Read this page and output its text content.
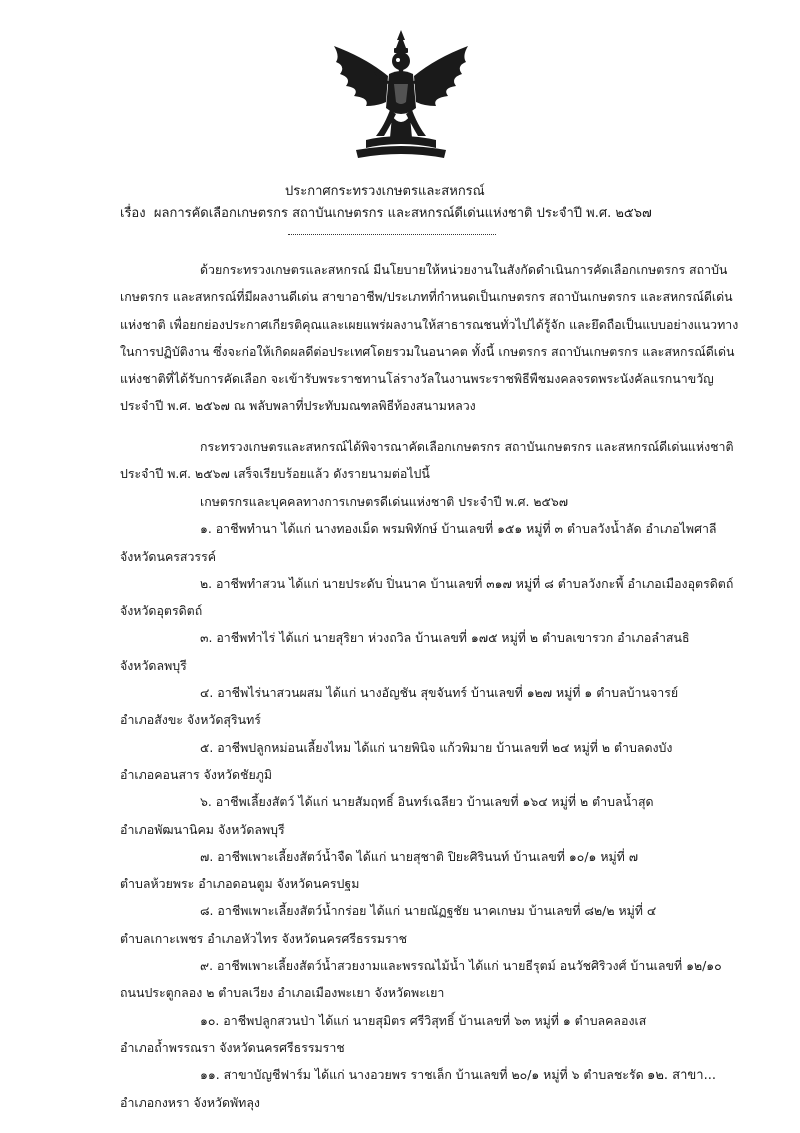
ประกาศกระทรวงเกษตรและสหกรณ์
เรื่อง ผลการคัดเลือกเกษตรกร สถาบันเกษตรกร และสหกรณ์ดีเด่นแห่งชาติ ประจำปี พ.ศ. ๒๕๖๗

ด้วยกระทรวงเกษตรและสหกรณ์ มีนโยบายให้หน่วยงานในสังกัดดำเนินการคัดเลือกเกษตรกร สถาบันเกษตรกร และสหกรณ์ที่มีผลงานดีเด่น สาขาอาชีพ/ประเภทที่กำหนดเป็นเกษตรกร สถาบันเกษตรกร และสหกรณ์ดีเด่นแห่งชาติ เพื่อยกย่องประกาศเกียรติคุณและเผยแพร่ผลงานให้สาธารณชนทั่วไปได้รู้จัก และยึดถือเป็นแบบอย่างแนวทางในการปฏิบัติงาน ซึ่งจะก่อให้เกิดผลดีต่อประเทศโดยรวมในอนาคต ทั้งนี้ เกษตรกร สถาบันเกษตรกร และสหกรณ์ดีเด่นแห่งชาติที่ได้รับการคัดเลือก จะเข้ารับพระราชทานโล่รางวัลในงานพระราชพิธีพืชมงคลจรดพระนังคัลแรกนาขวัญ ประจำปี พ.ศ. ๒๕๖๗ ณ พลับพลาที่ประทับมณฑลพิธีท้องสนามหลวง

กระทรวงเกษตรและสหกรณ์ได้พิจารณาคัดเลือกเกษตรกร สถาบันเกษตรกร และสหกรณ์ดีเด่นแห่งชาติ ประจำปี พ.ศ. ๒๕๖๗ เสร็จเรียบร้อยแล้ว ดังรายนามต่อไปนี้

เกษตรกรและบุคคลทางการเกษตรดีเด่นแห่งชาติ ประจำปี พ.ศ. ๒๕๖๗
๑. อาชีพทำนา ได้แก่ นางทองเม็ด พรมพิทักษ์ บ้านเลขที่ ๑๕๑ หมู่ที่ ๓ ตำบลวังน้ำลัด อำเภอไพศาลี
จังหวัดนครสวรรค์
๒. อาชีพทำสวน ได้แก่ นายประดับ ปิ่นนาค บ้านเลขที่ ๓๑๗ หมู่ที่ ๘ ตำบลวังกะพี้ อำเภอเมืองอุตรดิตถ์
จังหวัดอุตรดิตถ์
๓. อาชีพทำไร่ ได้แก่ นายสุริยา ห่วงถวิล บ้านเลขที่ ๑๗๕ หมู่ที่ ๒ ตำบลเขารวก อำเภอลำสนธิ
จังหวัดลพบุรี
๔. อาชีพไร่นาสวนผสม ได้แก่ นางอัญชัน สุขจันทร์ บ้านเลขที่ ๑๒๗ หมู่ที่ ๑ ตำบลบ้านจารย์
อำเภอสังขะ จังหวัดสุรินทร์
๕. อาชีพปลูกหม่อนเลี้ยงไหม ได้แก่ นายพินิจ แก้วพิมาย บ้านเลขที่ ๒๔ หมู่ที่ ๒ ตำบลดงบัง
อำเภอคอนสาร จังหวัดชัยภูมิ
๖. อาชีพเลี้ยงสัตว์ ได้แก่ นายสัมฤทธิ์ อินทร์เฉลียว บ้านเลขที่ ๑๖๔ หมู่ที่ ๒ ตำบลน้ำสุด
อำเภอพัฒนานิคม จังหวัดลพบุรี
๗. อาชีพเพาะเลี้ยงสัตว์น้ำจืด ได้แก่ นายสุชาติ ปิยะศิรินนท์ บ้านเลขที่ ๑๐/๑ หมู่ที่ ๗
ตำบลห้วยพระ อำเภอดอนตูม จังหวัดนครปฐม
๘. อาชีพเพาะเลี้ยงสัตว์น้ำกร่อย ได้แก่ นายณัฏฐชัย นาคเกษม บ้านเลขที่ ๘๒/๒ หมู่ที่ ๔
ตำบลเกาะเพชร อำเภอหัวไทร จังหวัดนครศรีธรรมราช
๙. อาชีพเพาะเลี้ยงสัตว์น้ำสวยงามและพรรณไม้น้ำ ได้แก่ นายธีรุตม์ อนวัชศิริวงศ์ บ้านเลขที่ ๑๒/๑๐
ถนนประตูกลอง ๒ ตำบลเวียง อำเภอเมืองพะเยา จังหวัดพะเยา
๑๐. อาชีพปลูกสวนป่า ได้แก่ นายสุมิตร ศรีวิสุทธิ์ บ้านเลขที่ ๖๓ หมู่ที่ ๑ ตำบลคลองเส
อำเภอถ้ำพรรณรา จังหวัดนครศรีธรรมราช
๑๑. สาขาบัญชีฟาร์ม ได้แก่ นางอวยพร ราชเล็ก บ้านเลขที่ ๒๐/๑ หมู่ที่ ๖ ตำบลชะรัด
อำเภอกงหรา จังหวัดพัทลุง
๑๒. สาขา...
